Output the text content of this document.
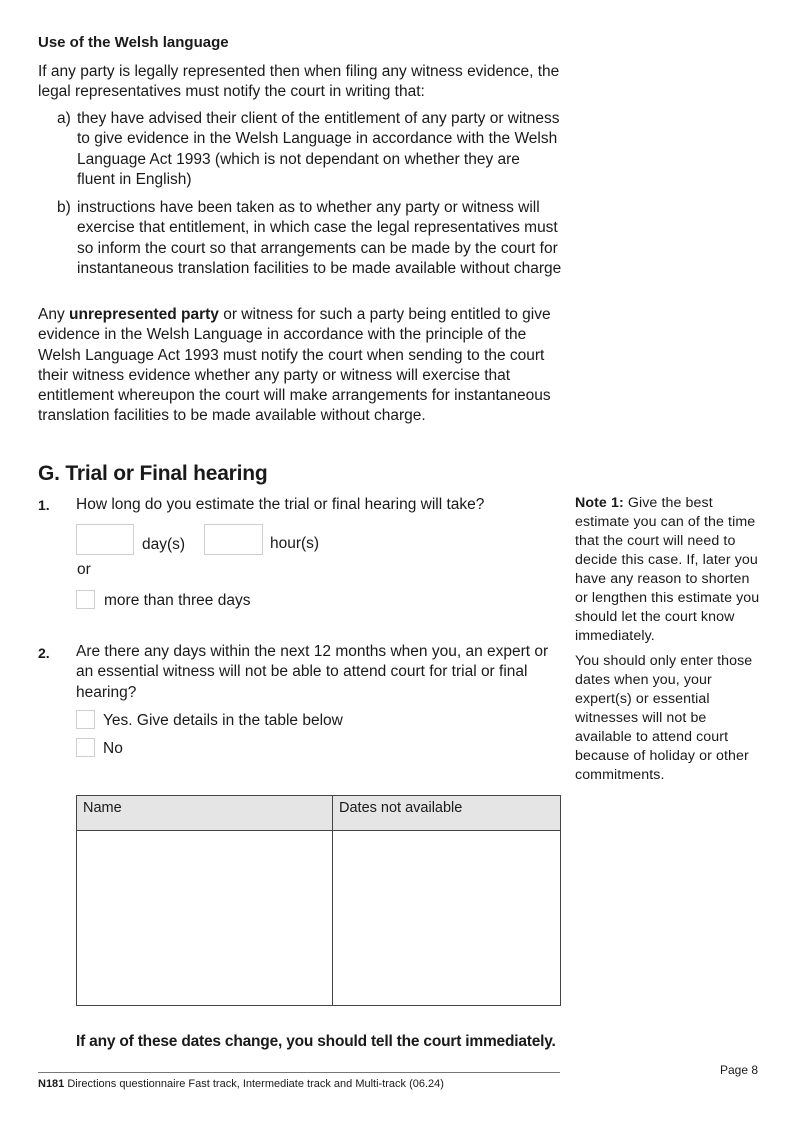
Use of the Welsh language
If any party is legally represented then when filing any witness evidence, the legal representatives must notify the court in writing that:
a) they have advised their client of the entitlement of any party or witness to give evidence in the Welsh Language in accordance with the Welsh Language Act 1993 (which is not dependant on whether they are fluent in English)
b) instructions have been taken as to whether any party or witness will exercise that entitlement, in which case the legal representatives must so inform the court so that arrangements can be made by the court for instantaneous translation facilities to be made available without charge
Any unrepresented party or witness for such a party being entitled to give evidence in the Welsh Language in accordance with the principle of the Welsh Language Act 1993 must notify the court when sending to the court their witness evidence whether any party or witness will exercise that entitlement whereupon the court will make arrangements for instantaneous translation facilities to be made available without charge.
G. Trial or Final hearing
1. How long do you estimate the trial or final hearing will take?
day(s)	hour(s)
or
more than three days
2. Are there any days within the next 12 months when you, an expert or an essential witness will not be able to attend court for trial or final hearing?
Yes. Give details in the table below
No
Name	Dates not available

If any of these dates change, you should tell the court immediately.
Note 1: Give the best estimate you can of the time that the court will need to decide this case. If, later you have any reason to shorten or lengthen this estimate you should let the court know immediately.
You should only enter those dates when you, your expert(s) or essential witnesses will not be available to attend court because of holiday or other commitments.
Page 8
N181 Directions questionnaire Fast track, Intermediate track and Multi-track (06.24)
